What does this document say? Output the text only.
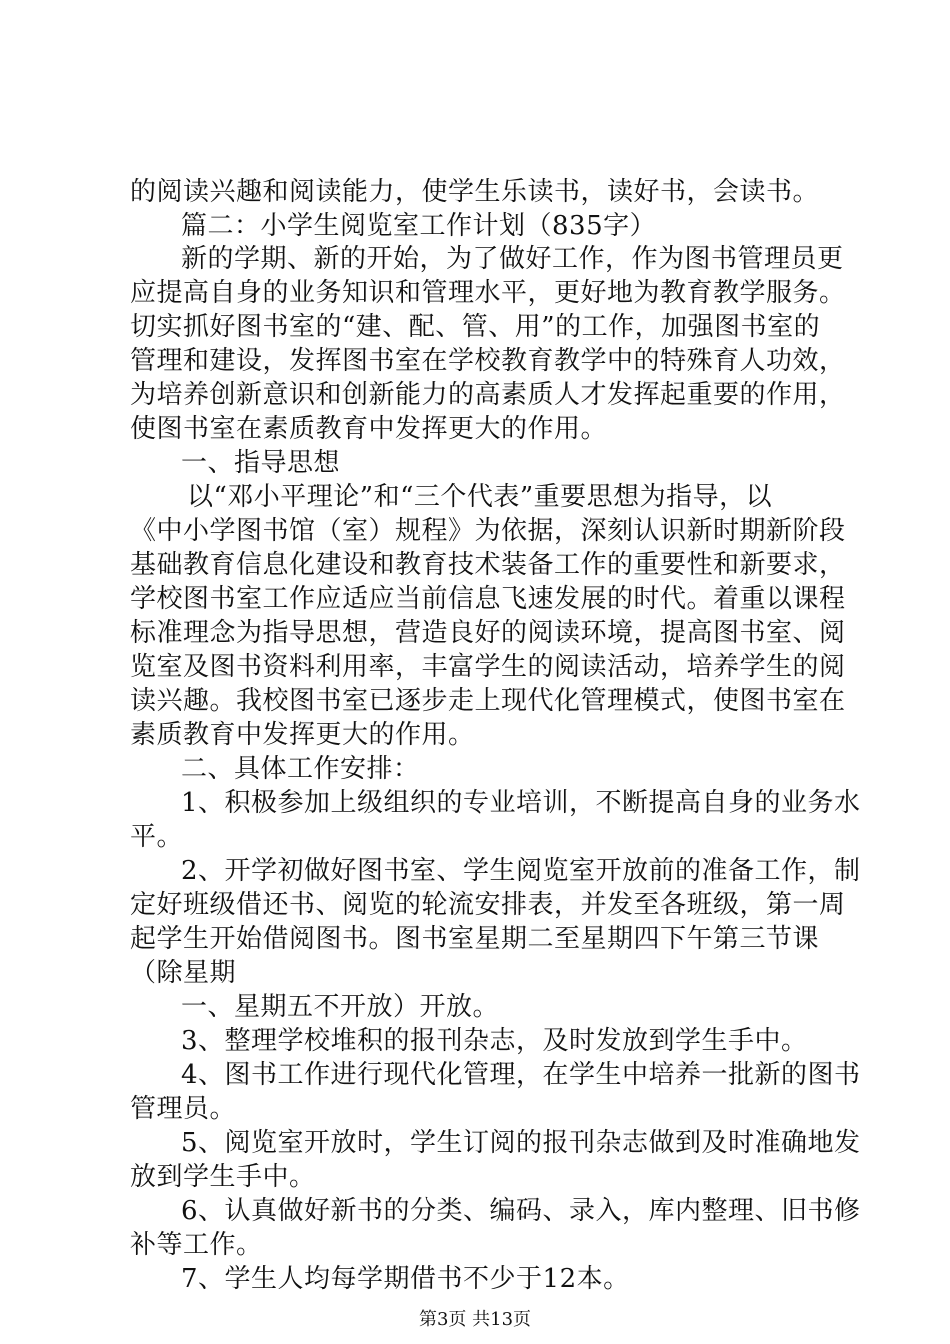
的阅读兴趣和阅读能力，使学生乐读书，读好书，会读书。
篇二：小学生阅览室工作计划（835字）
新的学期、新的开始，为了做好工作，作为图书管理员更
应提高自身的业务知识和管理水平，更好地为教育教学服务。
切实抓好图书室的“建、配、管、用”的工作，加强图书室的
管理和建设，发挥图书室在学校教育教学中的特殊育人功效，
为培养创新意识和创新能力的高素质人才发挥起重要的作用，
使图书室在素质教育中发挥更大的作用。
一、指导思想
以“邓小平理论”和“三个代表”重要思想为指导，以
《中小学图书馆（室）规程》为依据，深刻认识新时期新阶段
基础教育信息化建设和教育技术装备工作的重要性和新要求，
学校图书室工作应适应当前信息飞速发展的时代。着重以课程
标准理念为指导思想，营造良好的阅读环境，提高图书室、阅
览室及图书资料利用率，丰富学生的阅读活动，培养学生的阅
读兴趣。我校图书室已逐步走上现代化管理模式，使图书室在
素质教育中发挥更大的作用。
二、具体工作安排：
1、积极参加上级组织的专业培训，不断提高自身的业务水
平。
2、开学初做好图书室、学生阅览室开放前的准备工作，制
定好班级借还书、阅览的轮流安排表，并发至各班级，第一周
起学生开始借阅图书。图书室星期二至星期四下午第三节课
（除星期
一、星期五不开放）开放。
3、整理学校堆积的报刊杂志，及时发放到学生手中。
4、图书工作进行现代化管理，在学生中培养一批新的图书
管理员。
5、阅览室开放时，学生订阅的报刊杂志做到及时准确地发
放到学生手中。
6、认真做好新书的分类、编码、录入，库内整理、旧书修
补等工作。
7、学生人均每学期借书不少于12本。
第3页 共13页
